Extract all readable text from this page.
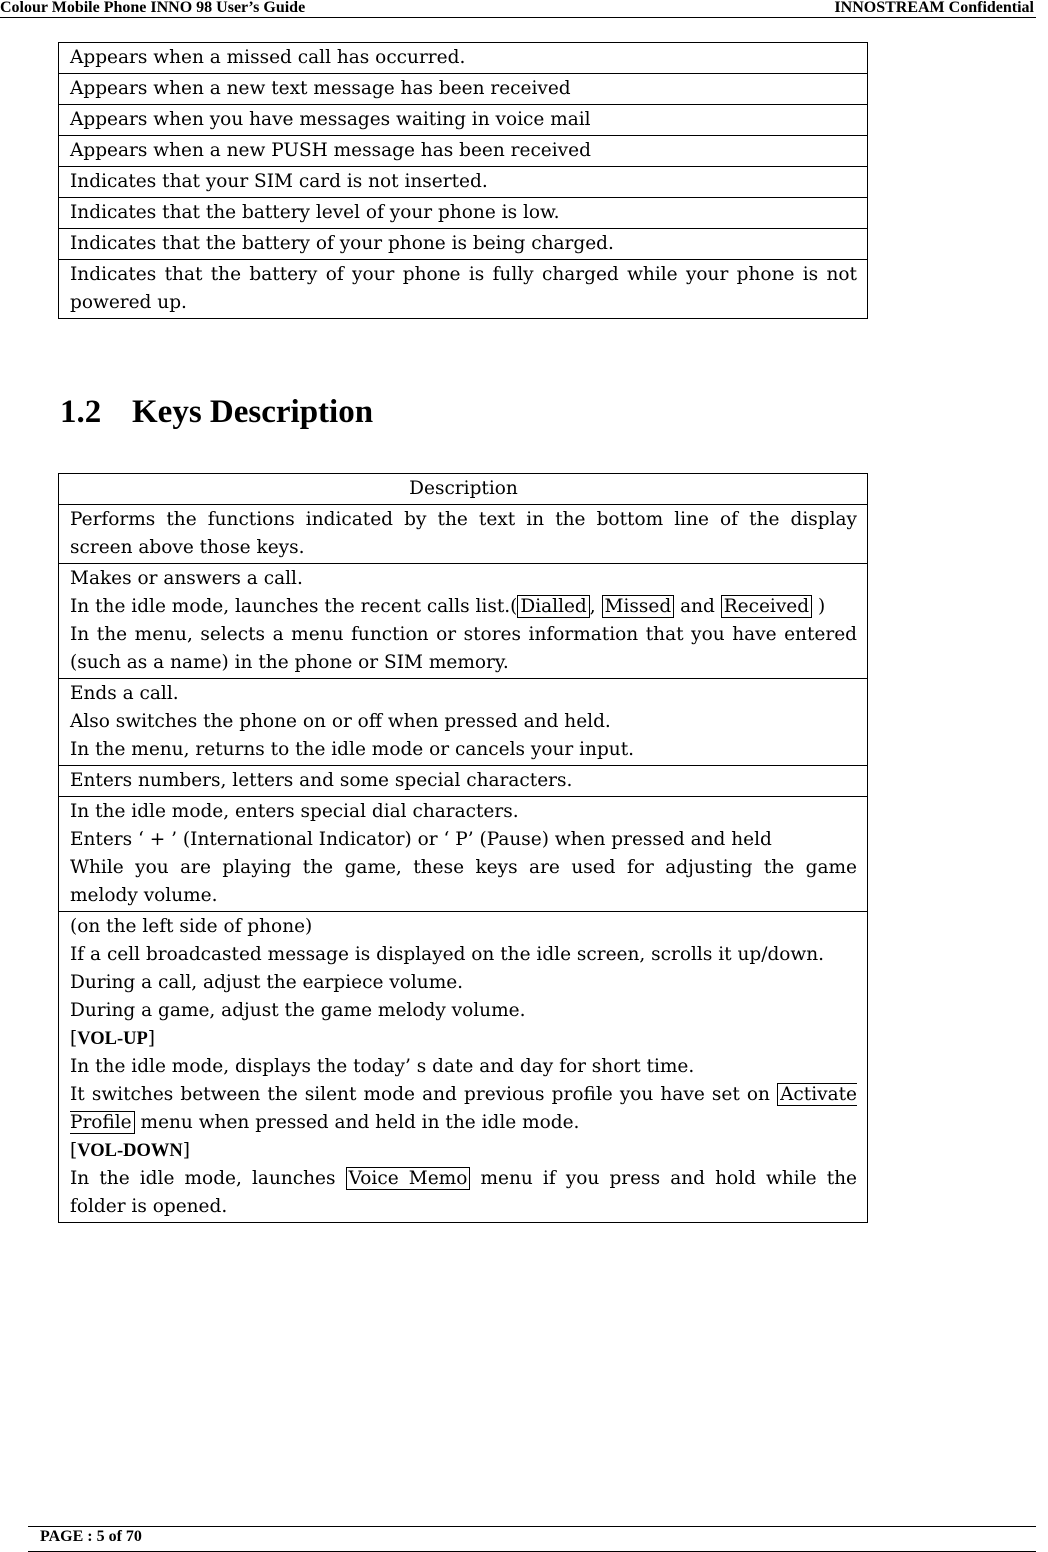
Colour Mobile Phone INNO 98 User’s Guide	INNOSTREAM Confidential
Appears when a missed call has occurred.
Appears when a new text message has been received
Appears when you have messages waiting in voice mail
Appears when a new PUSH message has been received
Indicates that your SIM card is not inserted.
Indicates that the battery level of your phone is low.
Indicates that the battery of your phone is being charged.
Indicates that the battery of your phone is fully charged while your phone is not powered up.
1.2 Keys Description
Description
Performs the functions indicated by the text in the bottom line of the display screen above those keys.

Makes or answers a call.
In the idle mode, launches the recent calls list.( Dialled , Missed and Received )
In the menu, selects a menu function or stores information that you have entered (such as a name) in the phone or SIM memory.

Ends a call.
Also switches the phone on or off when pressed and held.
In the menu, returns to the idle mode or cancels your input.

Enters numbers, letters and some special characters.

In the idle mode, enters special dial characters.
Enters ‘ + ’ (International Indicator) or ‘ P’ (Pause) when pressed and held
While you are playing the game, these keys are used for adjusting the game melody volume.

(on the left side of phone)
If a cell broadcasted message is displayed on the idle screen, scrolls it up/down.
During a call, adjust the earpiece volume.
During a game, adjust the game melody volume.
[VOL-UP]
In the idle mode, displays the today’ s date and day for short time.
It switches between the silent mode and previous profile you have set on Activate Profile menu when pressed and held in the idle mode.
[VOL-DOWN]
In the idle mode, launches Voice Memo menu if you press and hold while the folder is opened.
PAGE : 5 of 70
